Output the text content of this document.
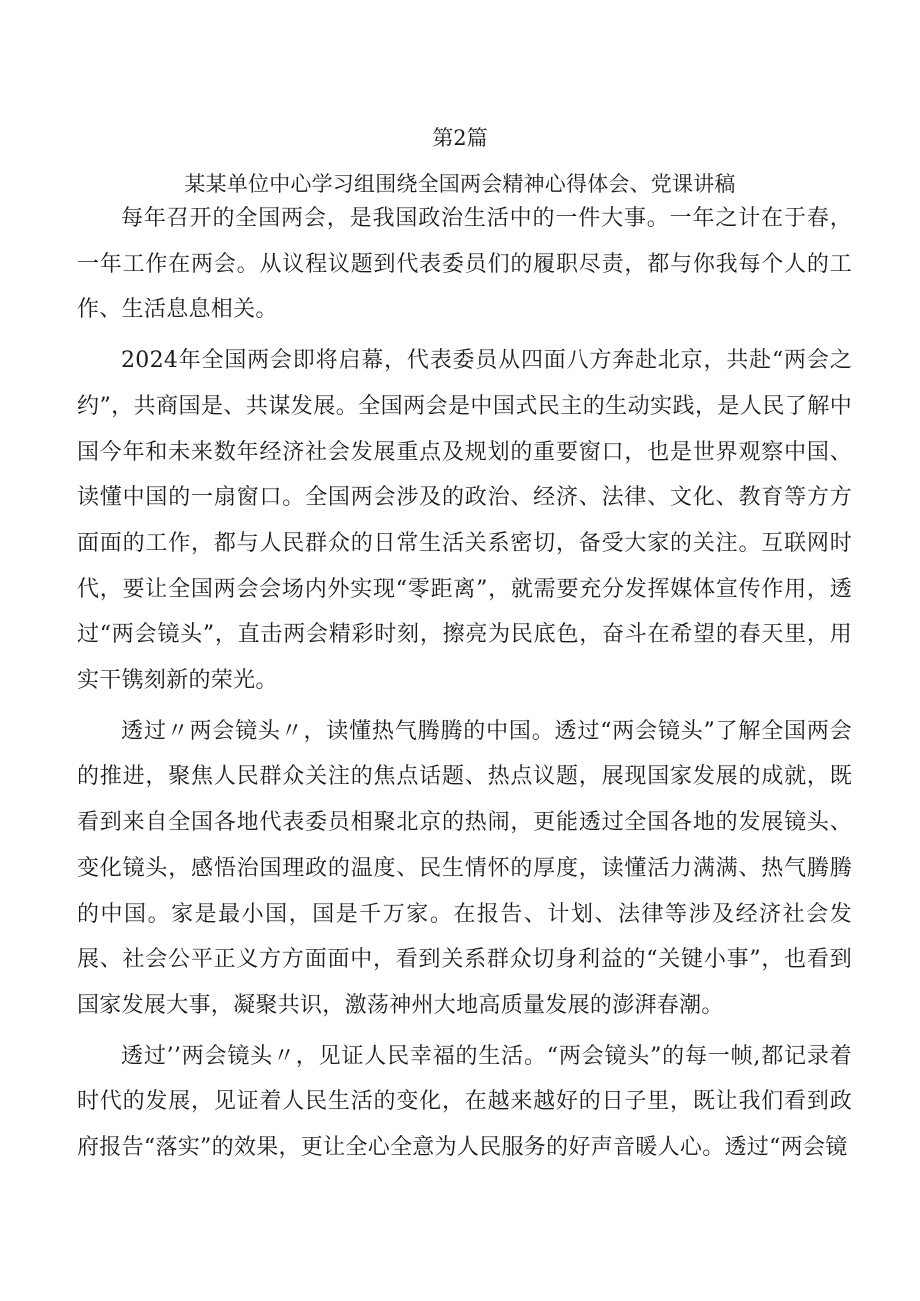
第2篇
某某单位中心学习组围绕全国两会精神心得体会、党课讲稿

每年召开的全国两会，是我国政治生活中的一件大事。一年之计在于春，一年工作在两会。从议程议题到代表委员们的履职尽责，都与你我每个人的工作、生活息息相关。

2024年全国两会即将启幕，代表委员从四面八方奔赴北京，共赴“两会之约”，共商国是、共谋发展。全国两会是中国式民主的生动实践，是人民了解中国今年和未来数年经济社会发展重点及规划的重要窗口，也是世界观察中国、读懂中国的一扇窗口。全国两会涉及的政治、经济、法律、文化、教育等方方面面的工作，都与人民群众的日常生活关系密切，备受大家的关注。互联网时代，要让全国两会会场内外实现“零距离”，就需要充分发挥媒体宣传作用，透过“两会镜头”，直击两会精彩时刻，擦亮为民底色，奋斗在希望的春天里，用实干镌刻新的荣光。

透过〃两会镜头〃，读懂热气腾腾的中国。透过“两会镜头”了解全国两会的推进，聚焦人民群众关注的焦点话题、热点议题，展现国家发展的成就，既看到来自全国各地代表委员相聚北京的热闹，更能透过全国各地的发展镜头、变化镜头，感悟治国理政的温度、民生情怀的厚度，读懂活力满满、热气腾腾的中国。家是最小国，国是千万家。在报告、计划、法律等涉及经济社会发展、社会公平正义方方面面中，看到关系群众切身利益的“关键小事”，也看到国家发展大事，凝聚共识，激荡神州大地高质量发展的澎湃春潮。

透过’’两会镜头〃，见证人民幸福的生活。“两会镜头”的每一帧,都记录着时代的发展，见证着人民生活的变化，在越来越好的日子里，既让我们看到政府报告“落实”的效果，更让全心全意为人民服务的好声音暖人心。透过“两会镜
